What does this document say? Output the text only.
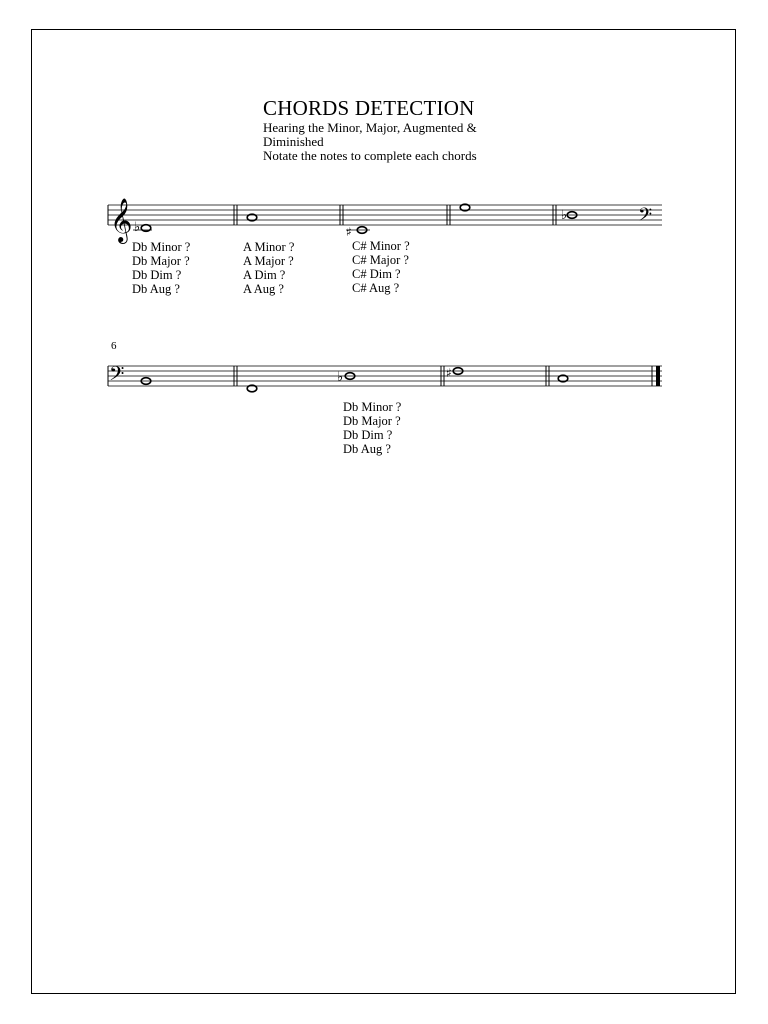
CHORDS DETECTION
Hearing the Minor, Major, Augmented &
Diminished
Notate the notes to complete each chords
6
𝄞	𝄢
♭	♯
♭
𝄢	♭	♯
Db Minor ?
Db Major ?
Db Dim ?
Db Aug ?
A Minor ?
A Major ?
A Dim ?
A Aug ?
C# Minor ?
C# Major ?
C# Dim ?
C# Aug ?
Db Minor ?
Db Major ?
Db Dim ?
Db Aug ?
